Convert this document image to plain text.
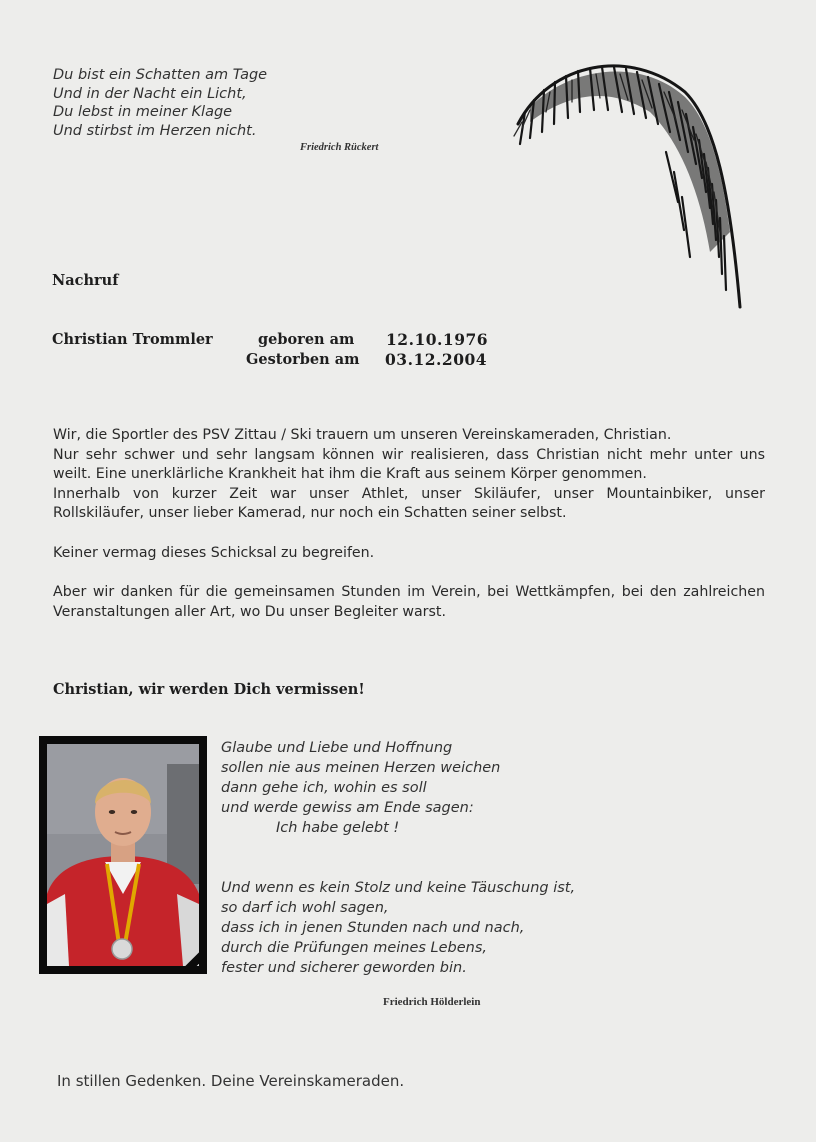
Du bist ein Schatten am Tage
Und in der Nacht ein Licht,
Du lebst in meiner Klage
Und stirbst im Herzen nicht.
Friedrich Rückert
Nachruf
Christian Trommler	geboren am 12.10.1976
Gestorben am 03.12.2004

Wir, die Sportler des PSV Zittau / Ski trauern um unseren Vereinskameraden, Christian.

Nur sehr schwer und sehr langsam können wir realisieren, dass Christian nicht mehr unter uns weilt. Eine unerklärliche Krankheit hat ihm die Kraft aus seinem Körper genommen.

Innerhalb von kurzer Zeit war unser Athlet, unser Skiläufer, unser Mountainbiker, unser Rollskiläufer, unser lieber Kamerad, nur noch ein Schatten seiner selbst.

Keiner vermag dieses Schicksal zu begreifen.

Aber wir danken für die gemeinsamen Stunden im Verein, bei Wettkämpfen, bei den zahlreichen Veranstaltungen aller Art, wo Du unser Begleiter warst.

Christian, wir werden Dich vermissen!
Glaube und Liebe und Hoffnung
sollen nie aus meinen Herzen weichen
dann gehe ich, wohin es soll
und werde gewiss am Ende sagen:
Ich habe gelebt !
Und wenn es kein Stolz und keine Täuschung ist,
so darf ich wohl sagen,
dass ich in jenen Stunden nach und nach,
durch die Prüfungen meines Lebens,
fester und sicherer geworden bin.
Friedrich Hölderlein
In stillen Gedenken. Deine Vereinskameraden.
